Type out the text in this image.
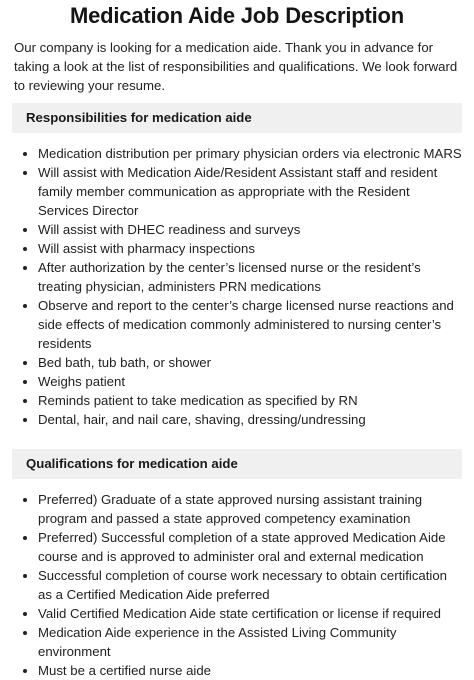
Medication Aide Job Description

Our company is looking for a medication aide. Thank you in advance for taking a look at the list of responsibilities and qualifications. We look forward to reviewing your resume.

Responsibilities for medication aide
• Medication distribution per primary physician orders via electronic MARS
• Will assist with Medication Aide/Resident Assistant staff and resident family member communication as appropriate with the Resident Services Director
• Will assist with DHEC readiness and surveys
• Will assist with pharmacy inspections
• After authorization by the center’s licensed nurse or the resident’s treating physician, administers PRN medications
• Observe and report to the center’s charge licensed nurse reactions and side effects of medication commonly administered to nursing center’s residents
• Bed bath, tub bath, or shower
• Weighs patient
• Reminds patient to take medication as specified by RN
• Dental, hair, and nail care, shaving, dressing/undressing
Qualifications for medication aide
• Preferred) Graduate of a state approved nursing assistant training program and passed a state approved competency examination
• Preferred) Successful completion of a state approved Medication Aide course and is approved to administer oral and external medication
• Successful completion of course work necessary to obtain certification as a Certified Medication Aide preferred
• Valid Certified Medication Aide state certification or license if required
• Medication Aide experience in the Assisted Living Community environment
• Must be a certified nurse aide
